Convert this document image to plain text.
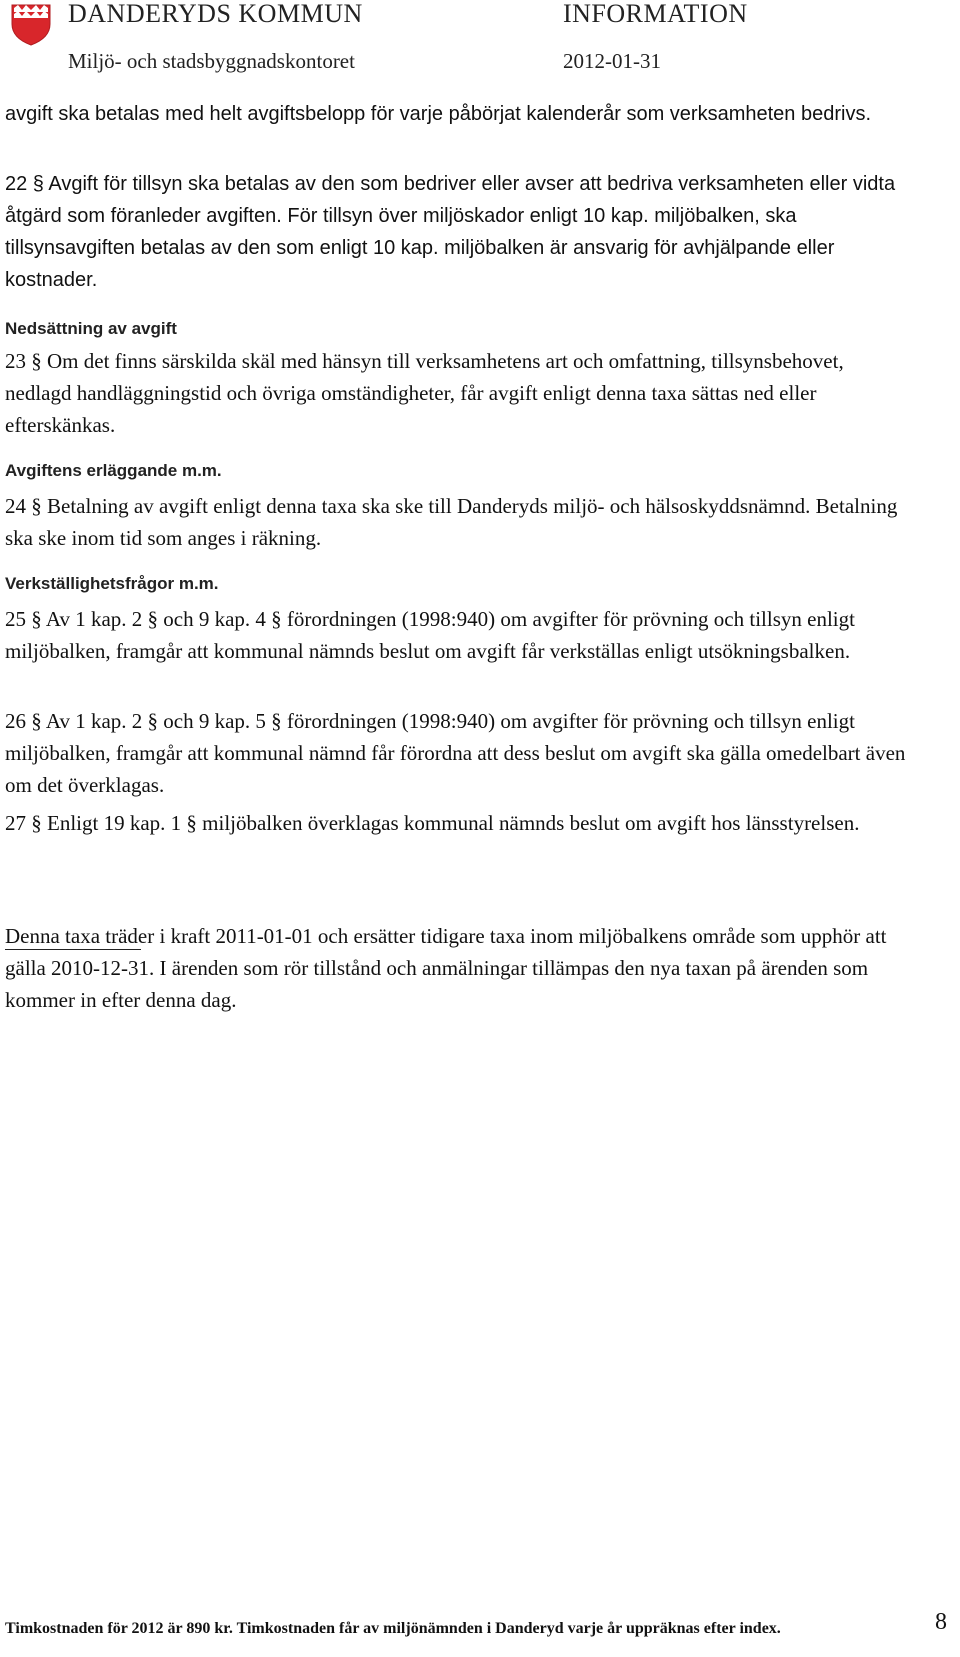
DANDERYDS KOMMUN	INFORMATION
Miljö- och stadsbyggnadskontoret	2012-01-31
avgift ska betalas med helt avgiftsbelopp för varje påbörjat kalenderår som verksamheten bedrivs.
22 § Avgift för tillsyn ska betalas av den som bedriver eller avser att bedriva verksamheten eller vidta åtgärd som föranleder avgiften. För tillsyn över miljöskador enligt 10 kap. miljöbalken, ska tillsynsavgiften betalas av den som enligt 10 kap. miljöbalken är ansvarig för avhjälpande eller kostnader.
Nedsättning av avgift
23 § Om det finns särskilda skäl med hänsyn till verksamhetens art och omfattning, tillsynsbehovet, nedlagd handläggningstid och övriga omständigheter, får avgift enligt denna taxa sättas ned eller efterskänkas.
Avgiftens erläggande m.m.
24 § Betalning av avgift enligt denna taxa ska ske till Danderyds miljö- och hälsoskyddsnämnd. Betalning ska ske inom tid som anges i räkning.
Verkställighetsfrågor m.m.
25 § Av 1 kap. 2 § och 9 kap. 4 § förordningen (1998:940) om avgifter för prövning och tillsyn enligt miljöbalken, framgår att kommunal nämnds beslut om avgift får verkställas enligt utsökningsbalken.
26 § Av 1 kap. 2 § och 9 kap. 5 § förordningen (1998:940) om avgifter för prövning och tillsyn enligt miljöbalken, framgår att kommunal nämnd får förordna att dess beslut om avgift ska gälla omedelbart även om det överklagas.
27 § Enligt 19 kap. 1 § miljöbalken överklagas kommunal nämnds beslut om avgift hos länsstyrelsen.
Denna taxa träder i kraft 2011-01-01 och ersätter tidigare taxa inom miljöbalkens område som upphör att gälla 2010-12-31. I ärenden som rör tillstånd och anmälningar tillämpas den nya taxan på ärenden som kommer in efter denna dag.
Timkostnaden för 2012 är 890 kr. Timkostnaden får av miljönämnden i Danderyd varje år uppräknas efter index.	8
